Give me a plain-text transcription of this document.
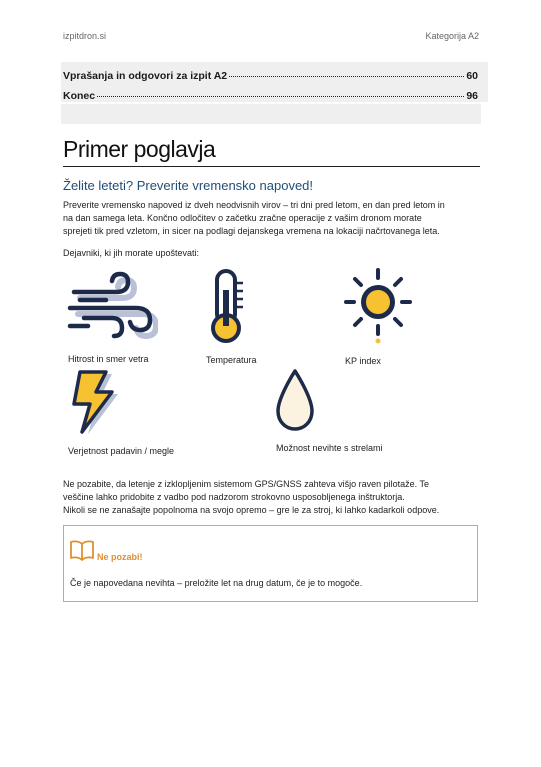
izpitdron.si	Kategorija A2
Vprašanja in odgovori za izpit A2	60
Konec	96
Primer poglavja
Želite leteti? Preverite vremensko napoved!
Preverite vremensko napoved iz dveh neodvisnih virov – tri dni pred letom, en dan pred letom in
na dan samega leta. Končno odločitev o začetku zračne operacije z vašim dronom morate
sprejeti tik pred vzletom, in sicer na podlagi dejanskega vremena na lokaciji načrtovanega leta.
Dejavniki, ki jih morate upoštevati:
Hitrost in smer vetra	Temperatura	KP index
Verjetnost padavin / megle	Možnost nevihte s strelami
Ne pozabite, da letenje z izklopljenim sistemom GPS/GNSS zahteva višjo raven pilotaže. Te
veščine lahko pridobite z vadbo pod nadzorom strokovno usposobljenega inštruktorja.
Nikoli se ne zanašajte popolnoma na svojo opremo – gre le za stroj, ki lahko kadarkoli odpove.
Ne pozabi!
Če je napovedana nevihta – preložite let na drug datum, če je to mogoče.
